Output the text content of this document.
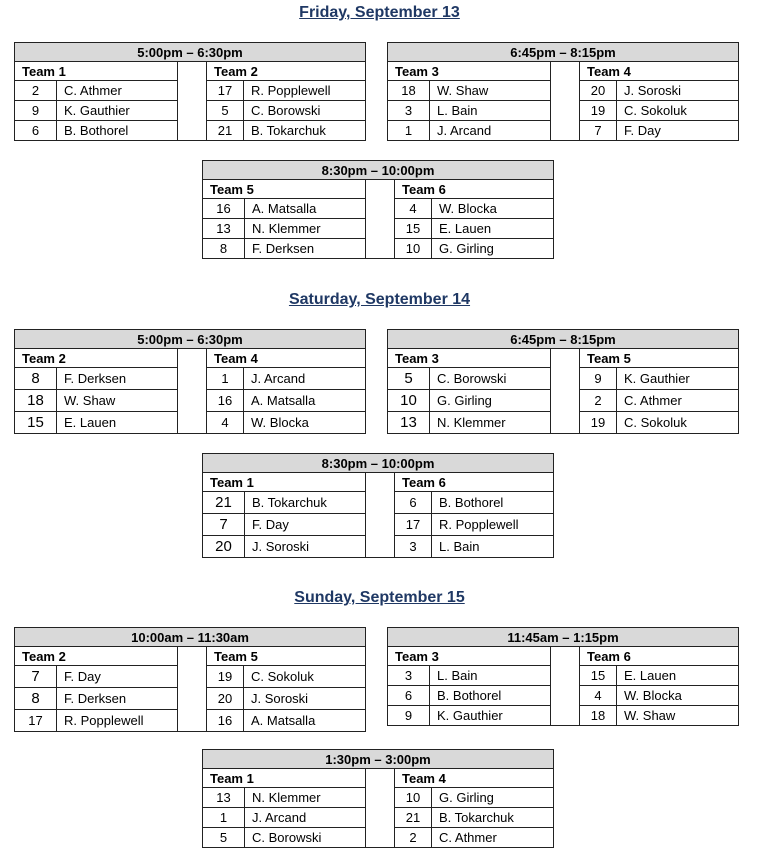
Friday, September 13
Saturday, September 14
Sunday, September 15
5:00pm – 6:30pm				
Team 1			Team 2	
2	C. Athmer		17	R. Popplewell
9	K. Gauthier		5	C. Borowski
6	B. Bothorel		21	B. Tokarchuk
6:45pm – 8:15pm				
Team 3			Team 4	
18	W. Shaw		20	J. Soroski
3	L. Bain		19	C. Sokoluk
1	J. Arcand		7	F. Day
8:30pm – 10:00pm				
Team 5			Team 6	
16	A. Matsalla		4	W. Blocka
13	N. Klemmer		15	E. Lauen
8	F. Derksen		10	G. Girling
5:00pm – 6:30pm				
Team 2			Team 4	
8	F. Derksen		1	J. Arcand
18	W. Shaw		16	A. Matsalla
15	E. Lauen		4	W. Blocka
6:45pm – 8:15pm				
Team 3			Team 5	
5	C. Borowski		9	K. Gauthier
10	G. Girling		2	C. Athmer
13	N. Klemmer		19	C. Sokoluk
8:30pm – 10:00pm				
Team 1			Team 6	
21	B. Tokarchuk		6	B. Bothorel
7	F. Day		17	R. Popplewell
20	J. Soroski		3	L. Bain
10:00am – 11:30am				
Team 2			Team 5	
7	F. Day		19	C. Sokoluk
8	F. Derksen		20	J. Soroski
17	R. Popplewell		16	A. Matsalla
11:45am – 1:15pm				
Team 3			Team 6	
3	L. Bain		15	E. Lauen
6	B. Bothorel		4	W. Blocka
9	K. Gauthier		18	W. Shaw
1:30pm – 3:00pm				
Team 1			Team 4	
13	N. Klemmer		10	G. Girling
1	J. Arcand		21	B. Tokarchuk
5	C. Borowski		2	C. Athmer
